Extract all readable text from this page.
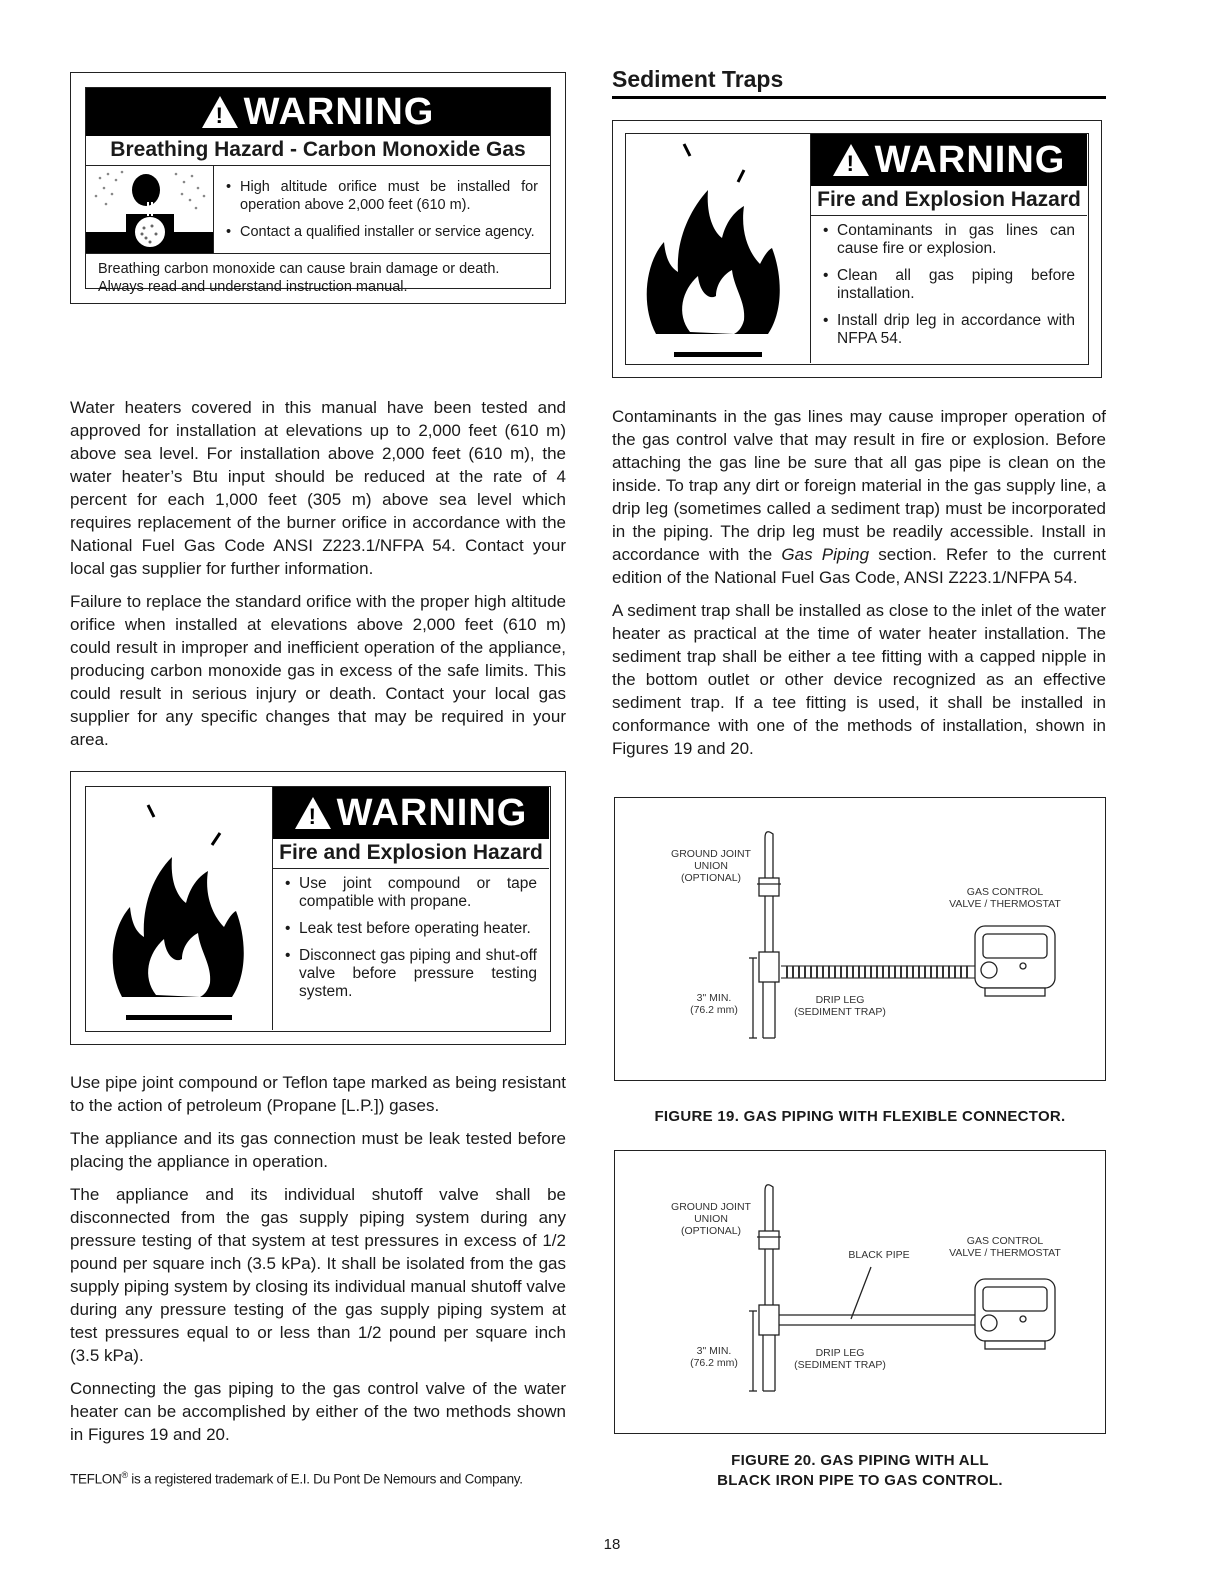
! WARNING
Breathing Hazard - Carbon Monoxide Gas
• High altitude orifice must be installed for operation above 2,000 feet (610 m).
• Contact a qualified installer or service agency.
Breathing carbon monoxide can cause brain damage or death. Always read and understand instruction manual.

Water heaters covered in this manual have been tested and approved for installation at elevations up to 2,000 feet (610 m) above sea level. For installation above 2,000 feet (610 m), the water heater’s Btu input should be reduced at the rate of 4 percent for each 1,000 feet (305 m) above sea level which requires replacement of the burner orifice in accordance with the National Fuel Gas Code ANSI Z223.1/NFPA 54. Contact your local gas supplier for further information.

Failure to replace the standard orifice with the proper high altitude orifice when installed at elevations above 2,000 feet (610 m) could result in improper and inefficient operation of the appliance, producing carbon monoxide gas in excess of the safe limits. This could result in serious injury or death. Contact your local gas supplier for any specific changes that may be required in your area.

! WARNING
Fire and Explosion Hazard
• Use joint compound or tape compatible with propane.
• Leak test before operating heater.
• Disconnect gas piping and shut-off valve before pressure testing system.

Use pipe joint compound or Teflon tape marked as being resistant to the action of petroleum (Propane [L.P.]) gases.

The appliance and its gas connection must be leak tested before placing the appliance in operation.

The appliance and its individual shutoff valve shall be disconnected from the gas supply piping system during any pressure testing of that system at test pressures in excess of 1/2 pound per square inch (3.5 kPa). It shall be isolated from the gas supply piping system by closing its individual manual shutoff valve during any pressure testing of the gas supply piping system at test pressures equal to or less than 1/2 pound per square inch (3.5 kPa).

Connecting the gas piping to the gas control valve of the water heater can be accomplished by either of the two methods shown in Figures 19 and 20.

TEFLON® is a registered trademark of E.I. Du Pont De Nemours and Company.
Sediment Traps
! WARNING
Fire and Explosion Hazard
• Contaminants in gas lines can cause fire or explosion.
• Clean all gas piping before installation.
• Install drip leg in accordance with NFPA 54.

Contaminants in the gas lines may cause improper operation of the gas control valve that may result in fire or explosion. Before attaching the gas line be sure that all gas pipe is clean on the inside. To trap any dirt or foreign material in the gas supply line, a drip leg (sometimes called a sediment trap) must be incorporated in the piping. The drip leg must be readily accessible. Install in accordance with the Gas Piping section. Refer to the current edition of the National Fuel Gas Code, ANSI Z223.1/NFPA 54.

A sediment trap shall be installed as close to the inlet of the water heater as practical at the time of water heater installation. The sediment trap shall be either a tee fitting with a capped nipple in the bottom outlet or other device recognized as an effective sediment trap. If a tee fitting is used, it shall be installed in conformance with one of the methods of installation, shown in Figures 19 and 20.

GROUND JOINT
UNION
(OPTIONAL)
GAS CONTROL
VALVE / THERMOSTAT
3" MIN.
(76.2 mm)
DRIP LEG
(SEDIMENT TRAP)
FIGURE 19. GAS PIPING WITH FLEXIBLE CONNECTOR.
GROUND JOINT
UNION
(OPTIONAL)
BLACK PIPE
GAS CONTROL
VALVE / THERMOSTAT
3" MIN.
(76.2 mm)
DRIP LEG
(SEDIMENT TRAP)
FIGURE 20. GAS PIPING WITH ALL
BLACK IRON PIPE TO GAS CONTROL.
18
